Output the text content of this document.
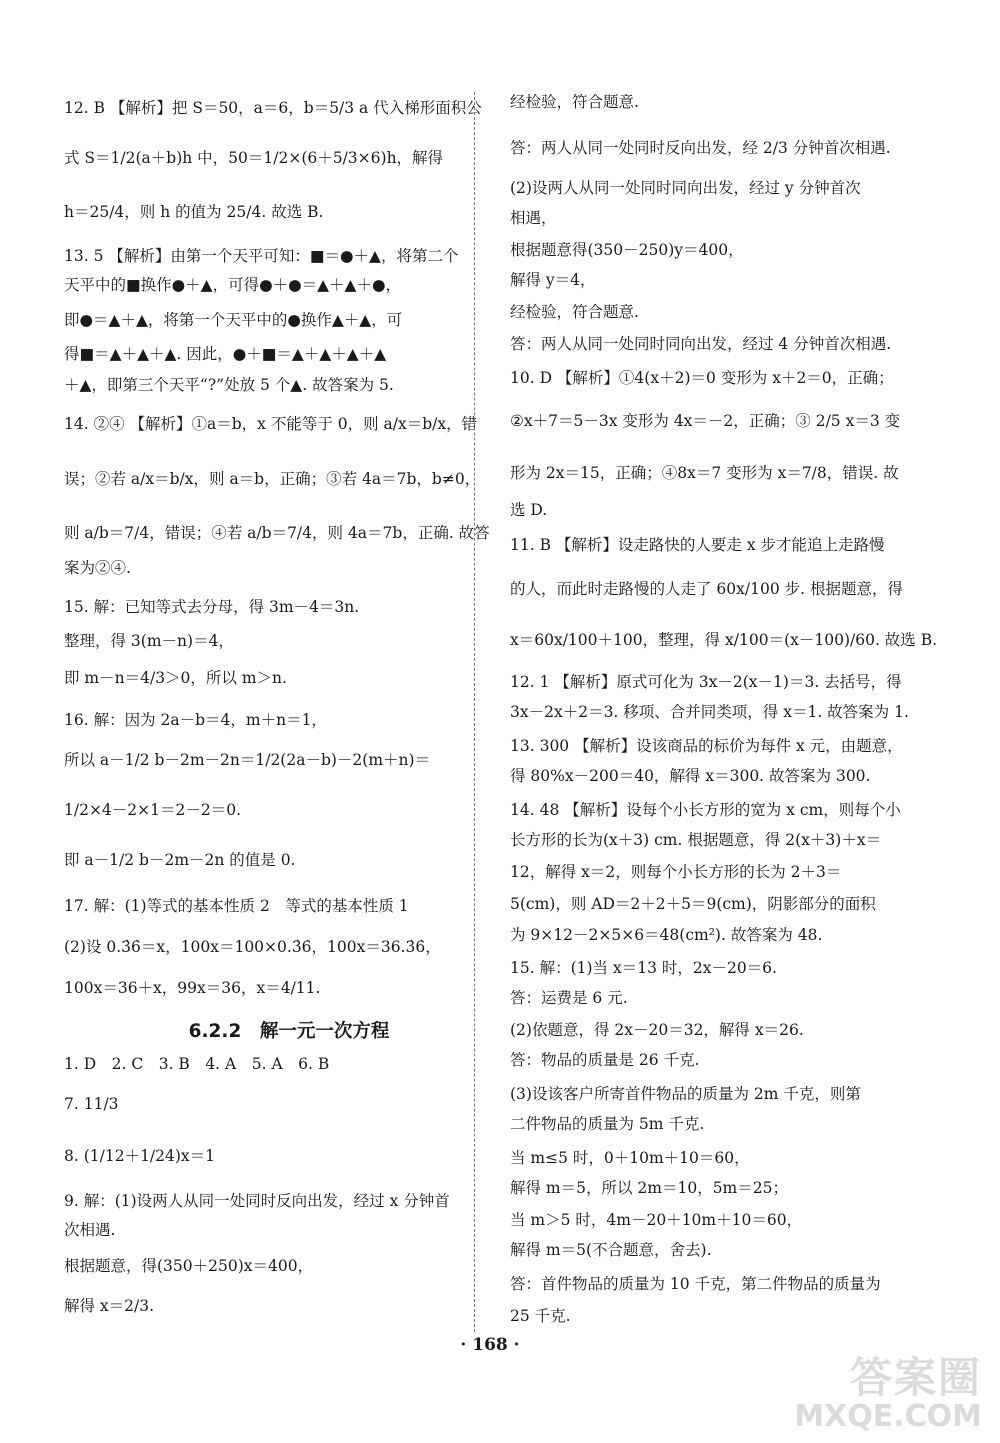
12. B 【解析】把 S＝50，a＝6，b＝5/3 a 代入梯形面积公
式 S＝1/2(a＋b)h 中，50＝1/2×(6＋5/3×6)h，解得
h＝25/4，则 h 的值为 25/4. 故选 B.
13. 5 【解析】由第一个天平可知：■＝●＋▲，将第二个
天平中的■换作●＋▲，可得●＋●＝▲＋▲＋●，
即●＝▲＋▲，将第一个天平中的●换作▲＋▲，可
得■＝▲＋▲＋▲. 因此，●＋■＝▲＋▲＋▲＋▲
＋▲，即第三个天平“?”处放 5 个▲. 故答案为 5.
14. ②④ 【解析】①a＝b，x 不能等于 0，则 a/x＝b/x，错
误；②若 a/x＝b/x，则 a＝b，正确；③若 4a＝7b，b≠0，
则 a/b＝7/4，错误；④若 a/b＝7/4，则 4a＝7b，正确. 故答
案为②④.
15. 解：已知等式去分母，得 3m－4＝3n.
整理，得 3(m－n)＝4，
即 m－n＝4/3＞0，所以 m＞n.
16. 解：因为 2a－b＝4，m＋n＝1，
所以 a－1/2 b－2m－2n＝1/2(2a－b)－2(m＋n)＝
1/2×4－2×1＝2－2＝0.
即 a－1/2 b－2m－2n 的值是 0.
17. 解：(1)等式的基本性质 2　等式的基本性质 1
(2)设 0.3̇6̇＝x，100x＝100×0.3̇6̇，100x＝36.3̇6̇，
100x＝36＋x，99x＝36，x＝4/11.
6.2.2　解一元一次方程
1. D　2. C　3. B　4. A　5. A　6. B
7. 11/3
8. (1/12＋1/24)x＝1
9. 解：(1)设两人从同一处同时反向出发，经过 x 分钟首
次相遇.
根据题意，得(350＋250)x＝400，
解得 x＝2/3.
经检验，符合题意.
答：两人从同一处同时反向出发，经 2/3 分钟首次相遇.
(2)设两人从同一处同时同向出发，经过 y 分钟首次
相遇，
根据题意得(350－250)y＝400，
解得 y＝4，
经检验，符合题意.
答：两人从同一处同时同向出发，经过 4 分钟首次相遇.
10. D 【解析】①4(x＋2)＝0 变形为 x＋2＝0，正确；
②x＋7＝5－3x 变形为 4x＝－2，正确；③ 2/5 x＝3 变
形为 2x＝15，正确；④8x＝7 变形为 x＝7/8，错误. 故
选 D.
11. B 【解析】设走路快的人要走 x 步才能追上走路慢
的人，而此时走路慢的人走了 60x/100 步. 根据题意，得
x＝60x/100＋100，整理，得 x/100＝(x－100)/60. 故选 B.
12. 1 【解析】原式可化为 3x－2(x－1)＝3. 去括号，得
3x－2x＋2＝3. 移项、合并同类项，得 x＝1. 故答案为 1.
13. 300 【解析】设该商品的标价为每件 x 元，由题意，
得 80%x－200＝40，解得 x＝300. 故答案为 300.
14. 48 【解析】设每个小长方形的宽为 x cm，则每个小
长方形的长为(x＋3) cm. 根据题意，得 2(x＋3)＋x＝
12，解得 x＝2，则每个小长方形的长为 2＋3＝
5(cm)，则 AD＝2＋2＋5＝9(cm)，阴影部分的面积
为 9×12－2×5×6＝48(cm²). 故答案为 48.
15. 解：(1)当 x＝13 时，2x－20＝6.
答：运费是 6 元.
(2)依题意，得 2x－20＝32，解得 x＝26.
答：物品的质量是 26 千克.
(3)设该客户所寄首件物品的质量为 2m 千克，则第
二件物品的质量为 5m 千克.
当 m≤5 时，0＋10m＋10＝60，
解得 m＝5，所以 2m＝10，5m＝25；
当 m＞5 时，4m－20＋10m＋10＝60，
解得 m＝5(不合题意，舍去).
答：首件物品的质量为 10 千克，第二件物品的质量为
25 千克.
· 168 ·
答案圈
MXQE.COM
